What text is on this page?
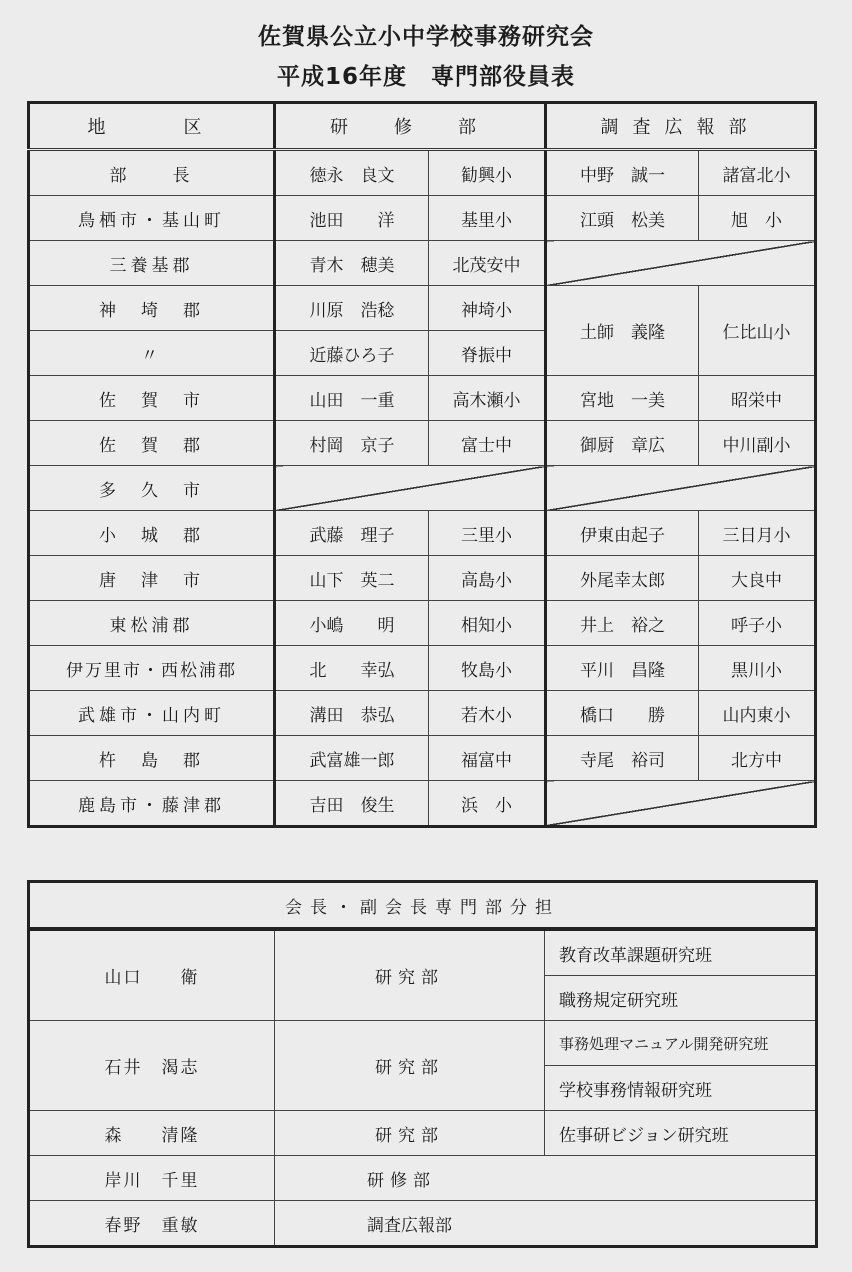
佐賀県公立小中学校事務研究会
平成16年度　専門部役員表
地　　区	研　修　部		調査広報部	
部　　長	徳永　良文	勧興小	中野　誠一	諸富北小
鳥栖市・基山町	池田　　洋	基里小	江頭　松美	旭　小
三養基郡	青木　穂美	北茂安中		
神　埼　郡	川原　浩稔	神埼小	土師　義隆	仁比山小
〃	近藤ひろ子	脊振中		
佐　賀　市	山田　一重	高木瀬小	宮地　一美	昭栄中
佐　賀　郡	村岡　京子	富士中	御厨　章広	中川副小
多　久　市				
小　城　郡	武藤　理子	三里小	伊東由起子	三日月小
唐　津　市	山下　英二	高島小	外尾幸太郎	大良中
東松浦郡	小嶋　　明	相知小	井上　裕之	呼子小
伊万里市・西松浦郡	北　　幸弘	牧島小	平川　昌隆	黒川小
武雄市・山内町	溝田　恭弘	若木小	橋口　　勝	山内東小
杵　島　郡	武富雄一郎	福富中	寺尾　裕司	北方中
鹿島市・藤津郡	吉田　俊生	浜　小		
会長・副会長専門部分担		
山口　　衛	研究部	教育改革課題研究班
		職務規定研究班
石井　渴志	研究部	事務処理マニュアル開発研究班
		学校事務情報研究班
森　　清隆	研究部	佐事研ビジョン研究班
岸川　千里	研修部	
春野　重敏	調査広報部	
